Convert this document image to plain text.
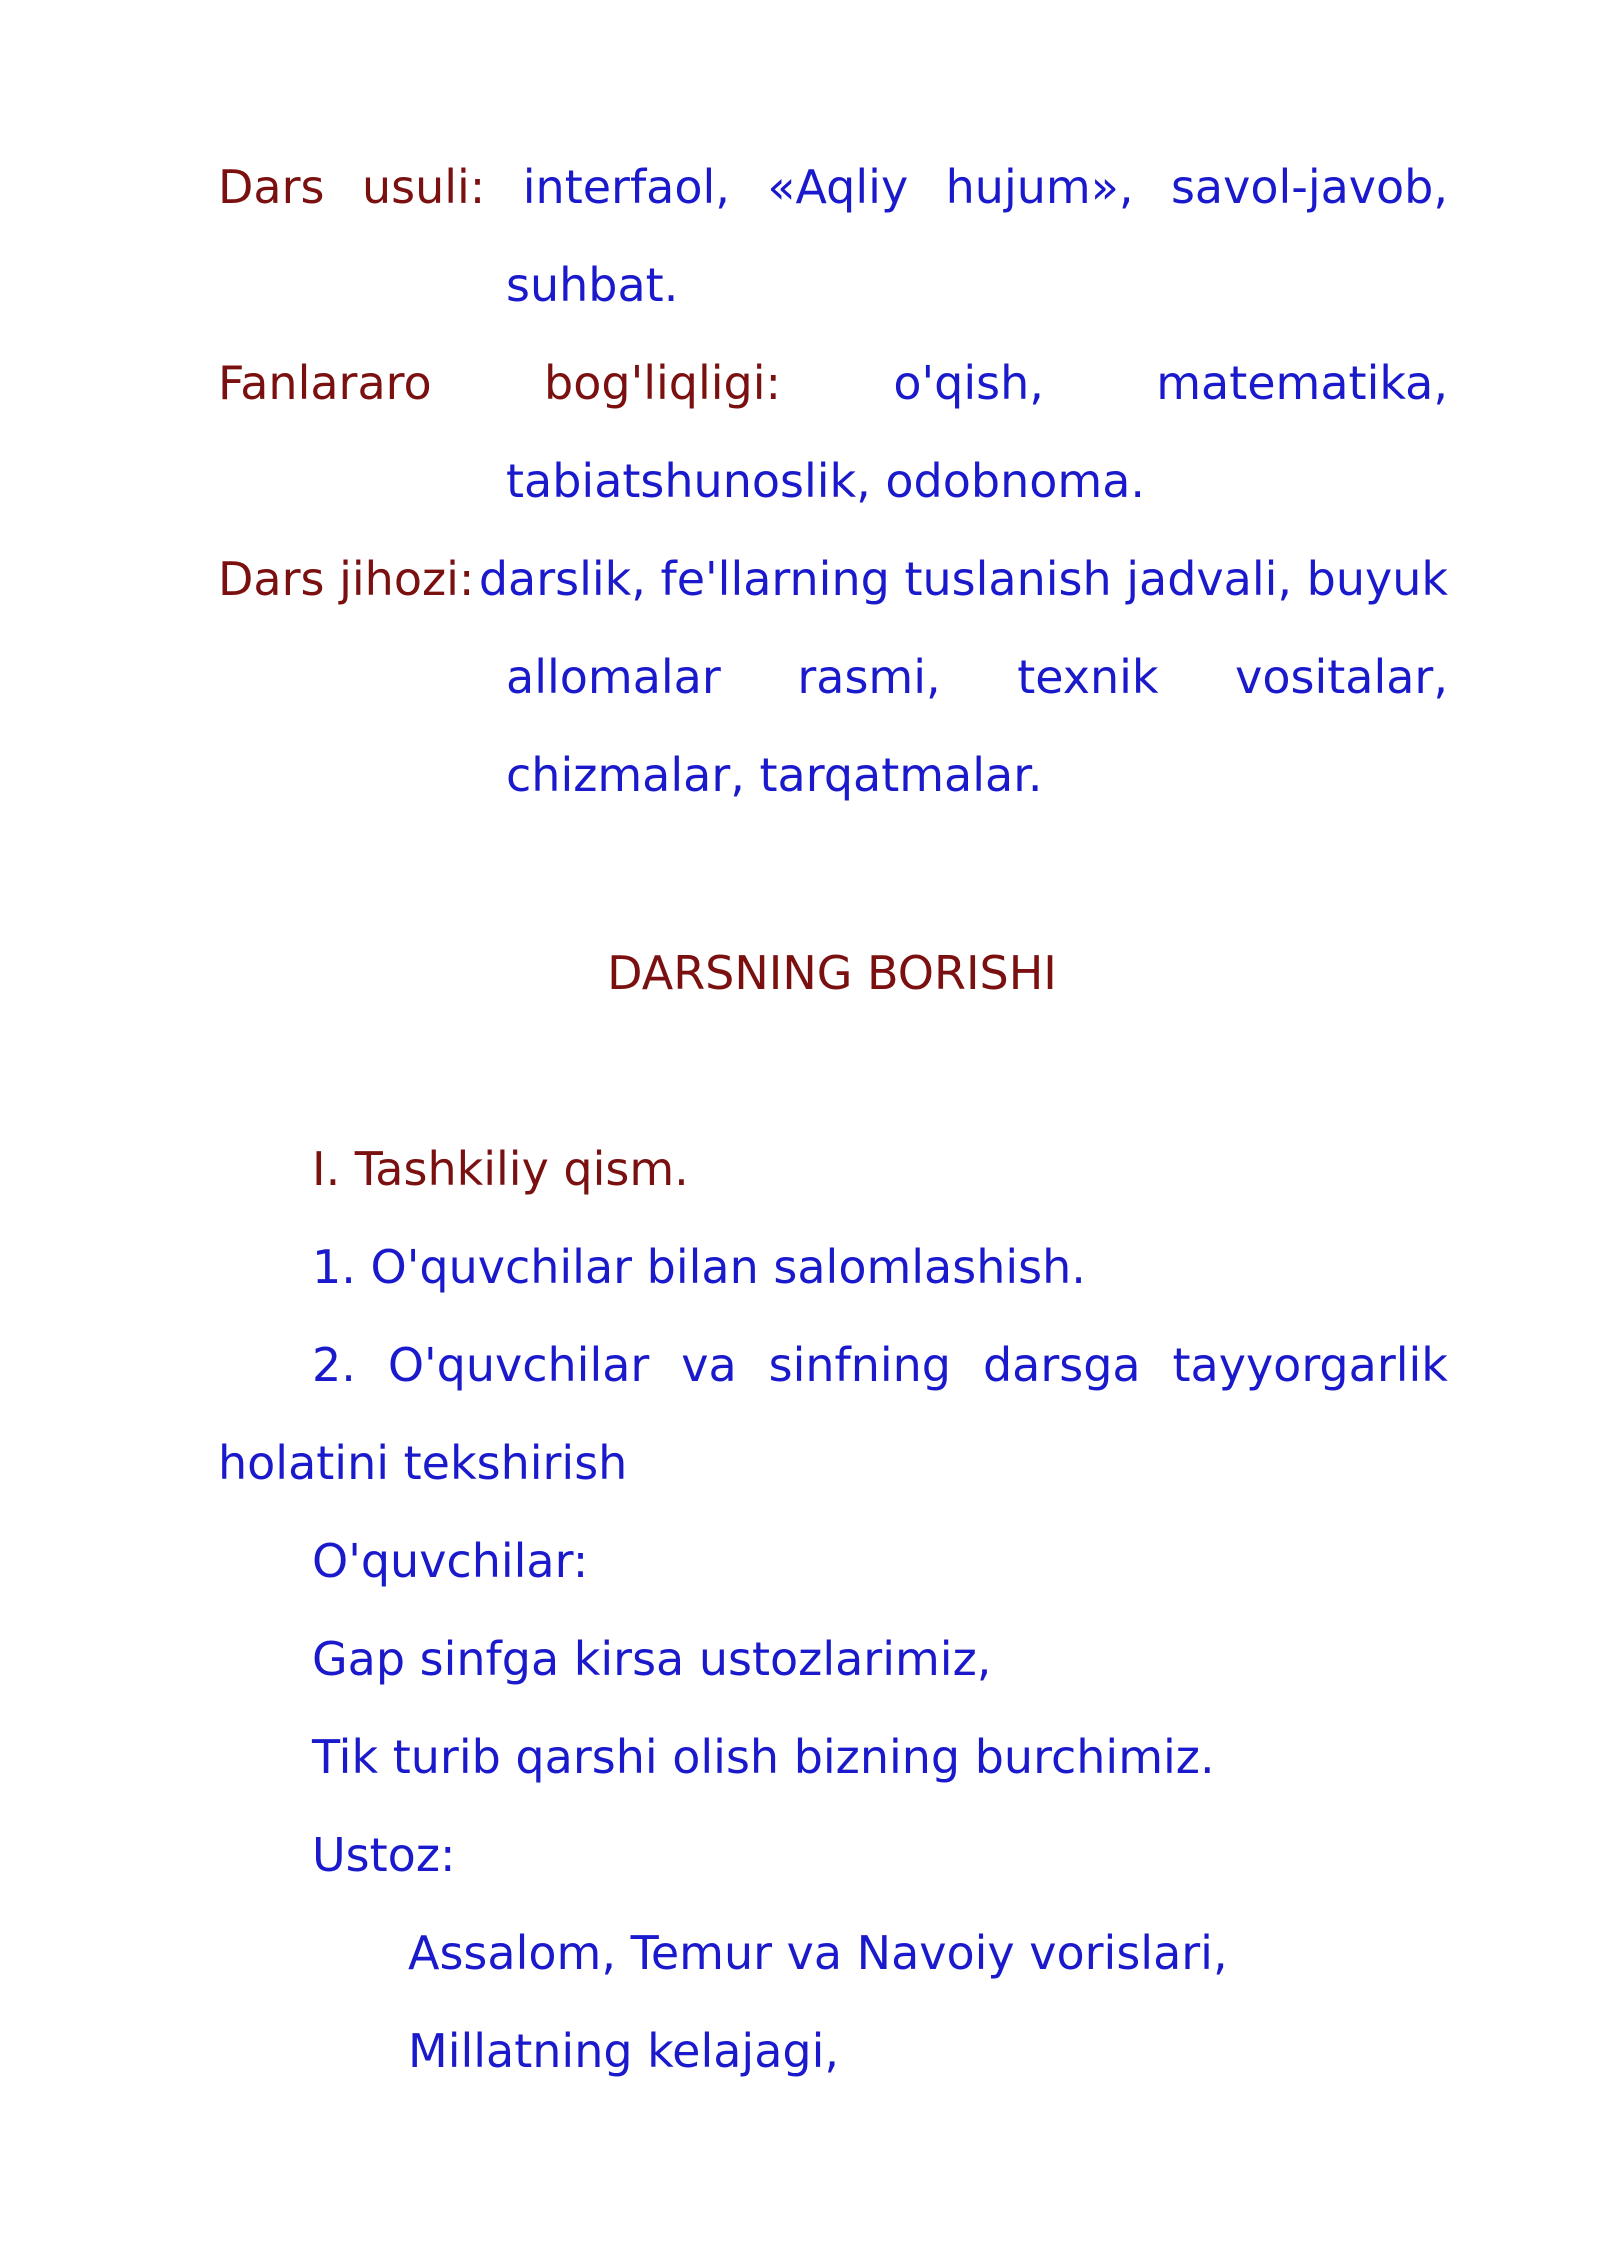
Dars usuli: interfaol, «Aqliy hujum», savol-javob,
suhbat.
Fanlararo bog'liqligi: o'qish, matematika,
tabiatshunoslik, odobnoma.
Dars jihozi: darslik, fe'llarning tuslanish jadvali, buyuk
allomalar rasmi, texnik vositalar,
chizmalar, tarqatmalar.
DARSNING BORISHI
I. Tashkiliy qism.
1. O'quvchilar bilan salomlashish.
2. O'quvchilar va sinfning darsga tayyorgarlik
holatini tekshirish
O'quvchilar:
Gap sinfga kirsa ustozlarimiz,
Tik turib qarshi olish bizning burchimiz.
Ustoz:
Assalom, Temur va Navoiy vorislari,
Millatning kelajagi,
